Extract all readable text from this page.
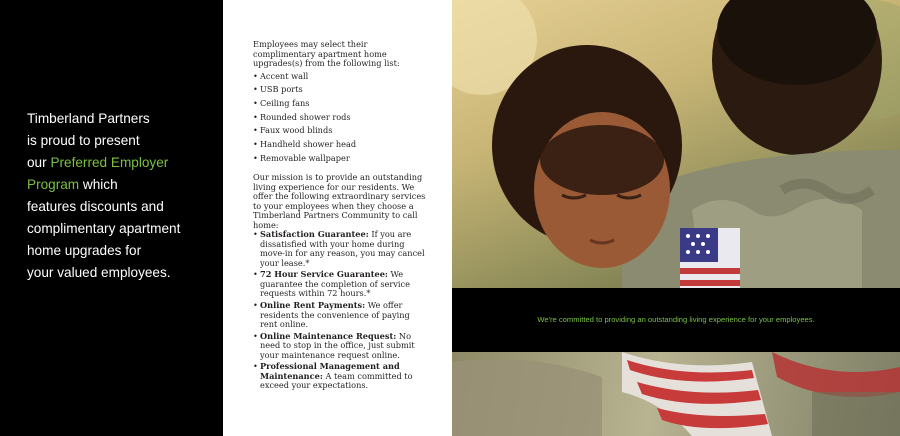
Timberland Partners
is proud to present
our Preferred Employer
Program which
features discounts and
complimentary apartment
home upgrades for
your valued employees.

Employees may select their complimentary apartment home upgrades(s) from the following list:

• Accent wall
• USB ports
• Ceiling fans
• Rounded shower rods
• Faux wood blinds
• Handheld shower head
• Removable wallpaper

Our mission is to provide an outstanding living experience for our residents. We offer the following extraordinary services to your employees when they choose a Timberland Partners Community to call home:

• Satisfaction Guarantee: If you are dissatisfied with your home during move-in for any reason, you may cancel your lease.*
• 72 Hour Service Guarantee: We guarantee the completion of service requests within 72 hours.*
• Online Rent Payments: We offer residents the convenience of paying rent online.
• Online Maintenance Request: No need to stop in the office, just submit your maintenance request online.
• Professional Management and Maintenance: A team committed to exceed your expectations.

We're committed to providing an outstanding living experience for your employees.
